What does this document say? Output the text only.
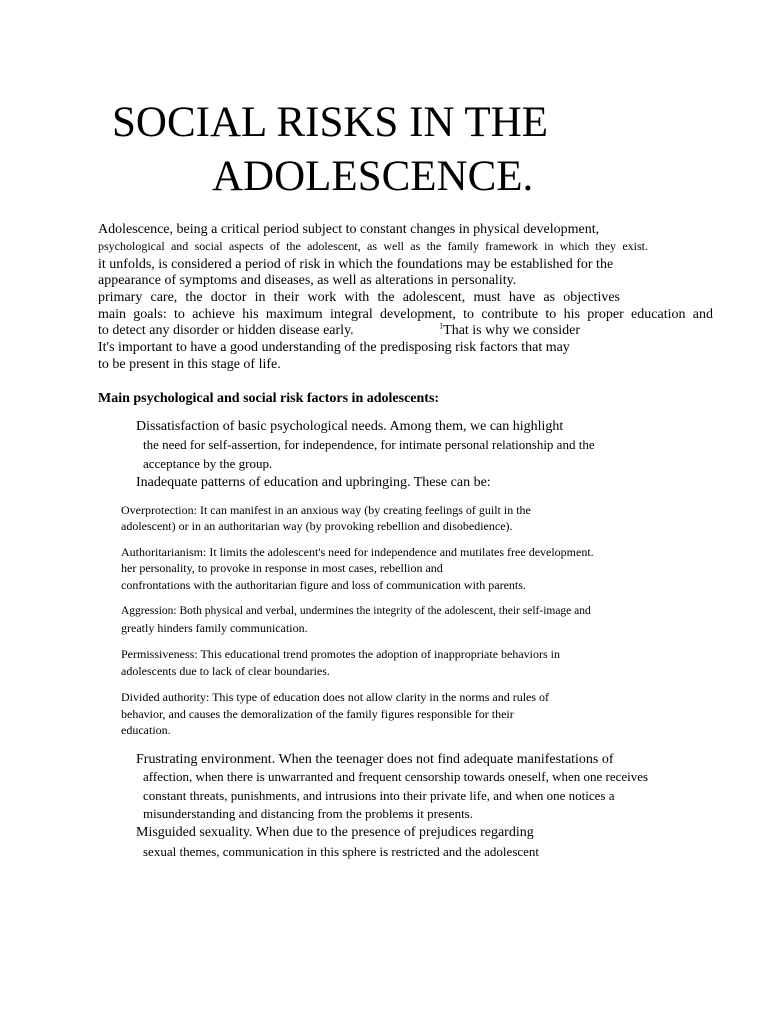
SOCIAL RISKS IN THE
ADOLESCENCE.

Adolescence, being a critical period subject to constant changes in physical development,

psychological and social aspects of the adolescent, as well as the family framework in which they exist.

it unfolds, is considered a period of risk in which the foundations may be established for the

appearance of symptoms and diseases, as well as alterations in personality.

primary care, the doctor in their work with the adolescent, must have as objectives

main goals: to achieve his maximum integral development, to contribute to his proper education and

to detect any disorder or hidden disease early.	$^1$That is why we consider

It's important to have a good understanding of the predisposing risk factors that may

to be present in this stage of life.

Main psychological and social risk factors in adolescents:

Dissatisfaction of basic psychological needs. Among them, we can highlight

the need for self-assertion, for independence, for intimate personal relationship and the

acceptance by the group.

Inadequate patterns of education and upbringing. These can be:

Overprotection: It can manifest in an anxious way (by creating feelings of guilt in the

adolescent) or in an authoritarian way (by provoking rebellion and disobedience).

Authoritarianism: It limits the adolescent's need for independence and mutilates free development.

her personality, to provoke in response in most cases, rebellion and

confrontations with the authoritarian figure and loss of communication with parents.

Aggression: Both physical and verbal, undermines the integrity of the adolescent, their self-image and

greatly hinders family communication.

Permissiveness: This educational trend promotes the adoption of inappropriate behaviors in

adolescents due to lack of clear boundaries.

Divided authority: This type of education does not allow clarity in the norms and rules of

behavior, and causes the demoralization of the family figures responsible for their

education.

Frustrating environment. When the teenager does not find adequate manifestations of

affection, when there is unwarranted and frequent censorship towards oneself, when one receives

constant threats, punishments, and intrusions into their private life, and when one notices a

misunderstanding and distancing from the problems it presents.

Misguided sexuality. When due to the presence of prejudices regarding

sexual themes, communication in this sphere is restricted and the adolescent
